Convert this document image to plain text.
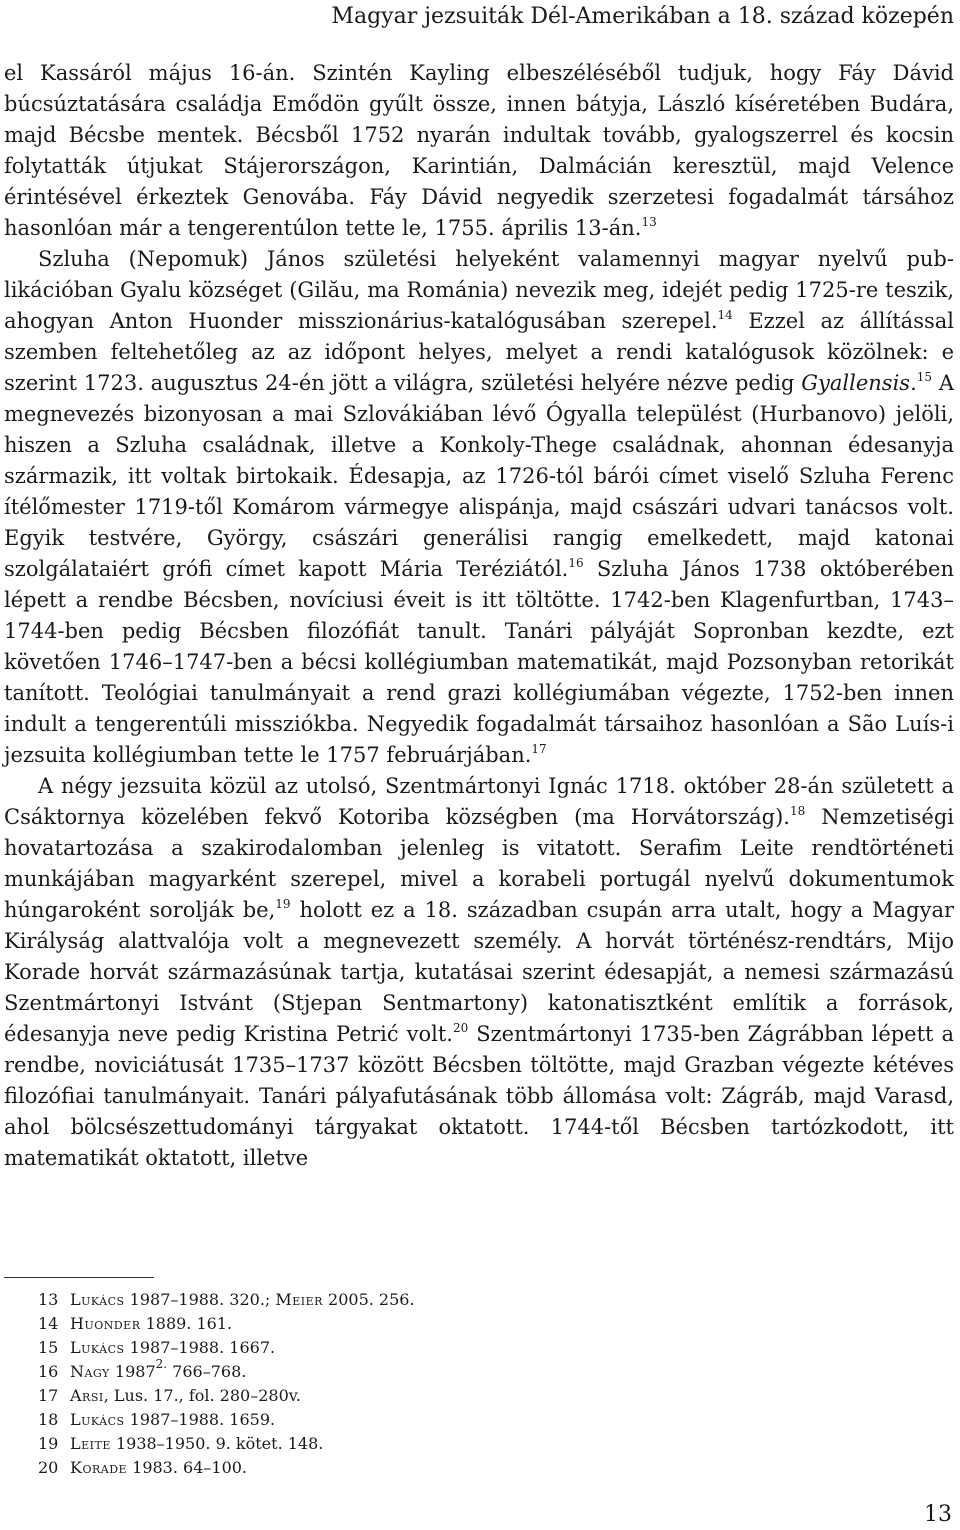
Magyar jezsuiták Dél-Amerikában a 18. század közepén

el Kassáról május 16-án. Szintén Kayling elbeszéléséből tudjuk, hogy Fáy Dávid búcsúztatására családja Emődön gyűlt össze, innen bátyja, László kíséretében Budára, majd Bécsbe mentek. Bécsből 1752 nyarán indultak tovább, gyalogszerrel és kocsin folytatták útjukat Stájerországon, Karintián, Dalmácián keresztül, majd Velence érintésével érkeztek Genovába. Fáy Dávid negyedik szerzetesi fogadalmát társához hasonlóan már a tengerentúlon tette le, 1755. április 13-án.$^{13}$

Szluha (Nepomuk) János születési helyeként valamennyi magyar nyelvű publikációban Gyalu községet (Gilău, ma Románia) nevezik meg, idejét pedig 1725-re teszik, ahogyan Anton Huonder misszionárius-katalógusában szerepel.$^{14}$ Ezzel az állítással szemben feltehetőleg az az időpont helyes, melyet a rendi katalógusok közölnek: e szerint 1723. augusztus 24-én jött a világra, születési helyére nézve pedig Gyallensis.$^{15}$ A megnevezés bizonyosan a mai Szlovákiában lévő Ógyalla települést (Hurbanovo) jelöli, hiszen a Szluha családnak, illetve a Konkoly-Thege családnak, ahonnan édesanyja származik, itt voltak birtokaik. Édesapja, az 1726-tól bárói címet viselő Szluha Ferenc ítélőmester 1719-től Komárom vármegye alispánja, majd császári udvari tanácsos volt. Egyik testvére, György, császári generálisi rangig emelkedett, majd katonai szolgálataiért grófi címet kapott Mária Teréziától.$^{16}$ Szluha János 1738 októberében lépett a rendbe Bécsben, novíciusi éveit is itt töltötte. 1742-ben Klagenfurtban, 1743–1744-ben pedig Bécsben filozófiát tanult. Tanári pályáját Sopronban kezdte, ezt követően 1746–1747-ben a bécsi kollégiumban matematikát, majd Pozsonyban retorikát tanított. Teológiai tanulmányait a rend grazi kollégiumában végezte, 1752-ben innen indult a tengerentúli missziókba. Negyedik fogadalmát társaihoz hasonlóan a São Luís-i jezsuita kollégiumban tette le 1757 februárjában.$^{17}$

A négy jezsuita közül az utolsó, Szentmártonyi Ignác 1718. október 28-án született a Csáktornya közelében fekvő Kotoriba községben (ma Horvátország).$^{18}$ Nemzetiségi hovatartozása a szakirodalomban jelenleg is vitatott. Serafim Leite rendtörténeti munkájában magyarként szerepel, mivel a korabeli portugál nyelvű dokumentumok húngaroként sorolják be,$^{19}$ holott ez a 18. században csupán arra utalt, hogy a Magyar Királyság alattvalója volt a megnevezett személy. A horvát történész-rendtárs, Mijo Korade horvát származásúnak tartja, kutatásai szerint édesapját, a nemesi származású Szentmártonyi Istvánt (Stjepan Sentmartony) katonatisztként említik a források, édesanyja neve pedig Kristina Petrić volt.$^{20}$ Szentmártonyi 1735-ben Zágrábban lépett a rendbe, noviciátusát 1735–1737 között Bécsben töltötte, majd Grazban végezte kétéves filozófiai tanulmányait. Tanári pályafutásának több állomása volt: Zágráb, majd Varasd, ahol bölcsészettudományi tárgyakat oktatott. 1744-től Bécsben tartózkodott, itt matematikát oktatott, illetve

13 Lukács 1987–1988. 320.; Meier 2005. 256.
14 Huonder 1889. 161.
15 Lukács 1987–1988. 1667.
16 Nagy $1987^{2.}$ 766–768.
17 Arsi, Lus. 17., fol. 280–280v.
18 Lukács 1987–1988. 1659.
19 Leite 1938–1950. 9. kötet. 148.
20 Korade 1983. 64–100.
13
